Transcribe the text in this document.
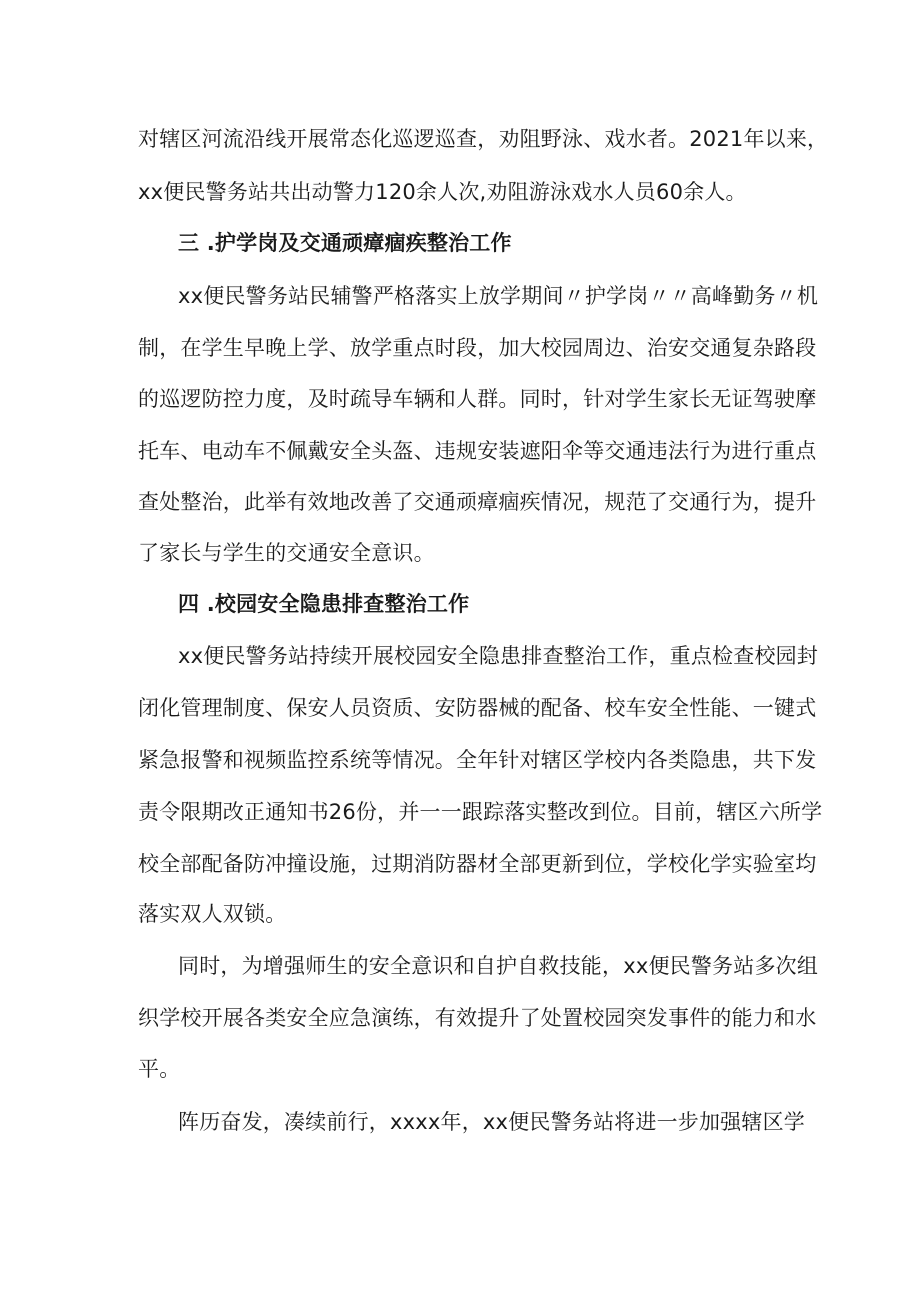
对辖区河流沿线开展常态化巡逻巡查，劝阻野泳、戏水者。2021年以来，
xx便民警务站共出动警力120余人次,劝阻游泳戏水人员60余人。
三 .护学岗及交通顽瘴痼疾整治工作
xx便民警务站民辅警严格落实上放学期间〃护学岗〃〃高峰勤务〃机
制，在学生早晚上学、放学重点时段，加大校园周边、治安交通复杂路段
的巡逻防控力度，及时疏导车辆和人群。同时，针对学生家长无证驾驶摩
托车、电动车不佩戴安全头盔、违规安装遮阳伞等交通违法行为进行重点
查处整治，此举有效地改善了交通顽瘴痼疾情况，规范了交通行为，提升
了家长与学生的交通安全意识。
四 .校园安全隐患排查整治工作
xx便民警务站持续开展校园安全隐患排查整治工作，重点检查校园封
闭化管理制度、保安人员资质、安防器械的配备、校车安全性能、一键式
紧急报警和视频监控系统等情况。全年针对辖区学校内各类隐患，共下发
责令限期改正通知书26份，并一一跟踪落实整改到位。目前，辖区六所学
校全部配备防冲撞设施，过期消防器材全部更新到位，学校化学实验室均
落实双人双锁。
同时，为增强师生的安全意识和自护自救技能，xx便民警务站多次组
织学校开展各类安全应急演练，有效提升了处置校园突发事件的能力和水
平。
阵历奋发，凑续前行，xxxx年，xx便民警务站将进一步加强辖区学
